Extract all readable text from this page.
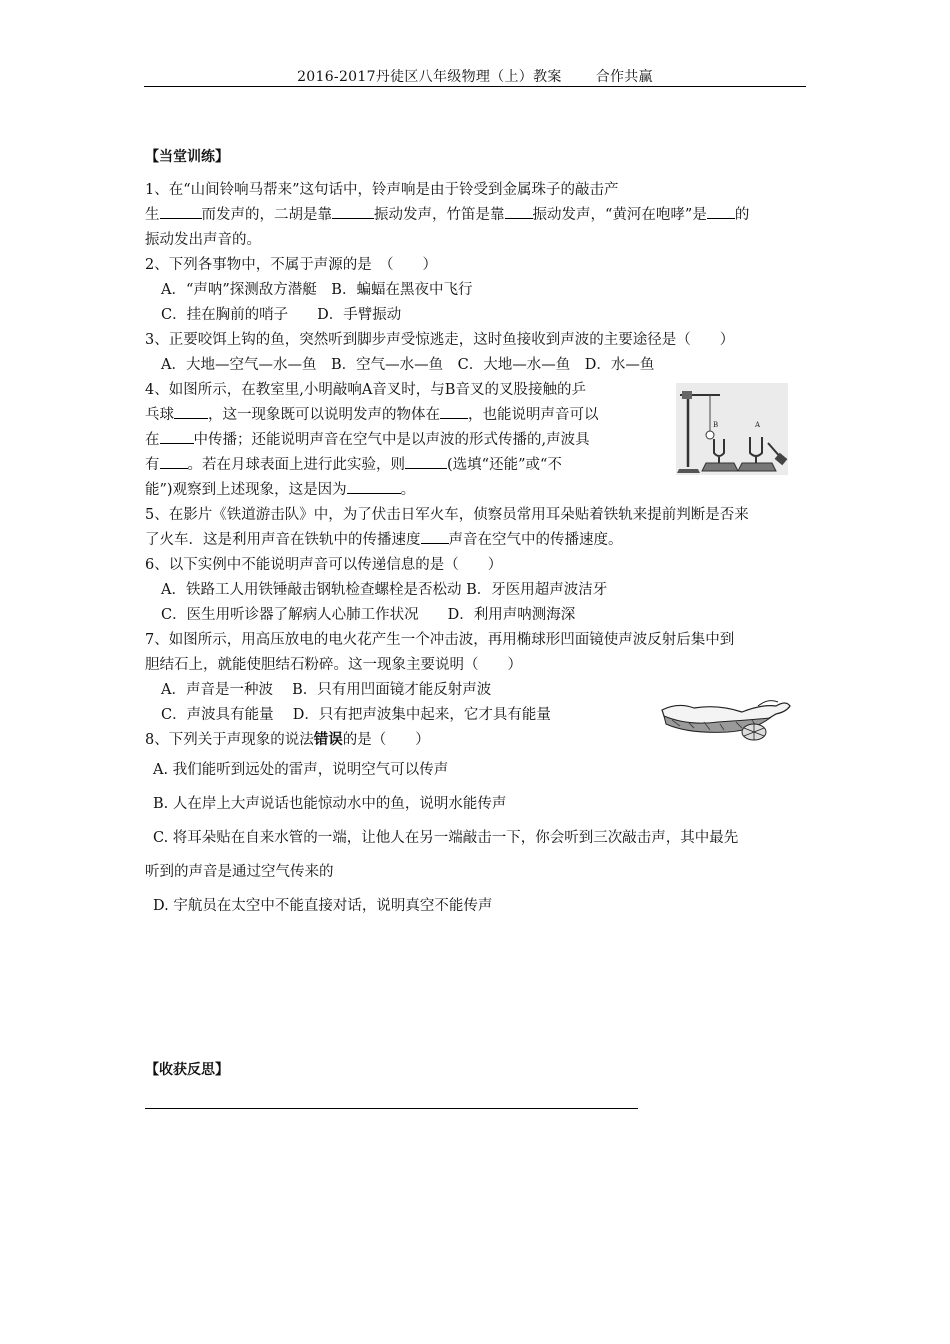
2016-2017丹徒区八年级物理（上）教案 合作共赢
【当堂训练】
1、在“山间铃响马帮来”这句话中，铃声响是由于铃受到金属珠子的敲击产
生	而发声的，二胡是靠	振动发声，竹笛是靠 振动发声，“黄河在咆哮”是 的
振动发出声音的。
2、下列各事物中，不属于声源的是　（　　）
A．“声呐”探测敌方潜艇　B．蝙蝠在黑夜中飞行
C．挂在胸前的哨子　　D．手臂振动
3、正要咬饵上钩的鱼，突然听到脚步声受惊逃走，这时鱼接收到声波的主要途径是（　　）
A．大地—空气—水—鱼　B．空气—水—鱼　C．大地—水—鱼　D．水—鱼
4、如图所示，在教室里,小明敲响A音叉时，与B音叉的叉股接触的乒
乓球 ，这一现象既可以说明发声的物体在 ，也能说明声音可以
在 中传播；还能说明声音在空气中是以声波的形式传播的,声波具
有 。若在月球表面上进行此实验，则	(选填“还能”或“不
能”)观察到上述现象，这是因为	。
5、在影片《铁道游击队》中，为了伏击日军火车，侦察员常用耳朵贴着铁轨来提前判断是否来
了火车．这是利用声音在铁轨中的传播速度 声音在空气中的传播速度。
6、以下实例中不能说明声音可以传递信息的是（　　）
A．铁路工人用铁锤敲击钢轨检查螺栓是否松动 B．牙医用超声波洁牙
C．医生用听诊器了解病人心肺工作状况　　D．利用声呐测海深
7、如图所示，用高压放电的电火花产生一个冲击波，再用椭球形凹面镜使声波反射后集中到
胆结石上，就能使胆结石粉碎。这一现象主要说明（　　）
A．声音是一种波　 B．只有用凹面镜才能反射声波
C．声波具有能量　 D．只有把声波集中起来，它才具有能量
8、下列关于声现象的说法错误的是（　　）
A. 我们能听到远处的雷声，说明空气可以传声
B. 人在岸上大声说话也能惊动水中的鱼，说明水能传声
C. 将耳朵贴在自来水管的一端，让他人在另一端敲击一下，你会听到三次敲击声，其中最先
听到的声音是通过空气传来的
D. 宇航员在太空中不能直接对话，说明真空不能传声
B	A
【收获反思】
